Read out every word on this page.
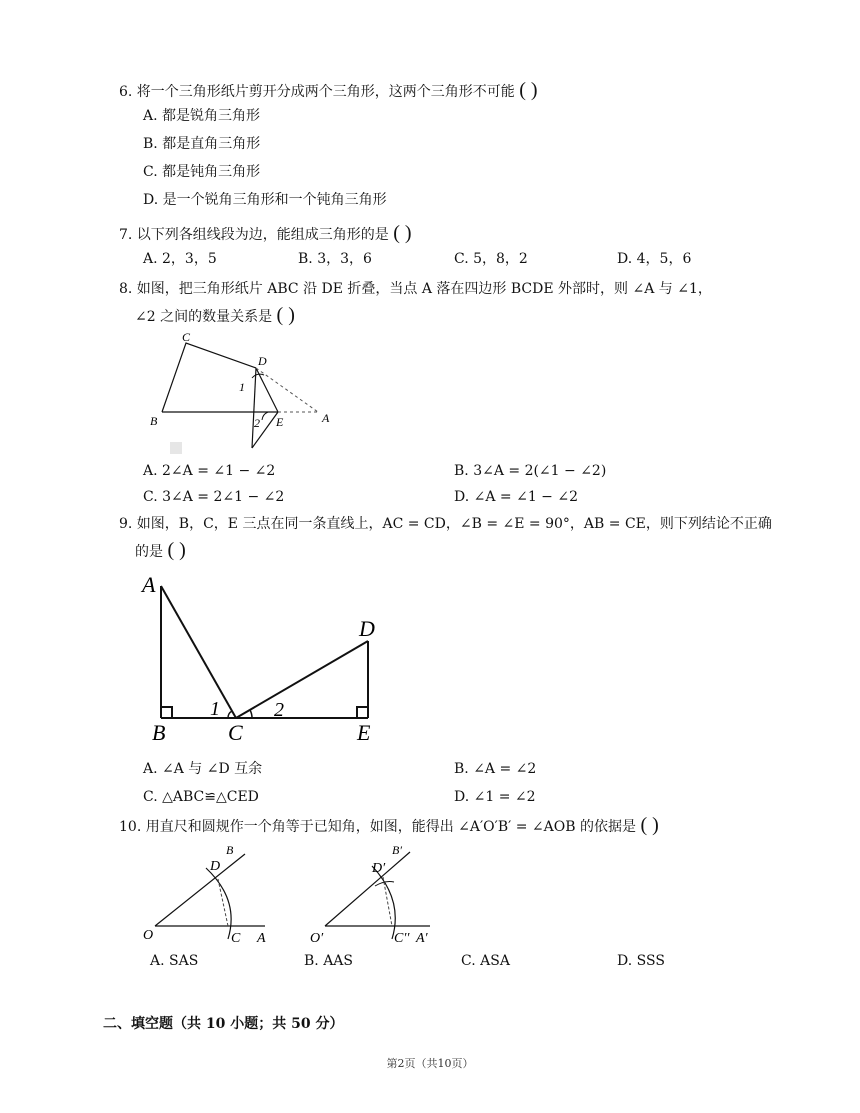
6. 将一个三角形纸片剪开分成两个三角形，这两个三角形不可能 ( )
A. 都是锐角三角形
B. 都是直角三角形
C. 都是钝角三角形
D. 是一个锐角三角形和一个钝角三角形
7. 以下列各组线段为边，能组成三角形的是 ( )
A. 2，3，5	B. 3，3，6	C. 5，8，2	D. 4，5，6
8. 如图，把三角形纸片 ABC 沿 DE 折叠，当点 A 落在四边形 BCDE 外部时，则 ∠A 与 ∠1，
∠2 之间的数量关系是 ( )
C
D
B	E	A
1
2
A. 2∠A = ∠1 − ∠2	B. 3∠A = 2(∠1 − ∠2)
C. 3∠A = 2∠1 − ∠2	D. ∠A = ∠1 − ∠2
9. 如图，B，C，E 三点在同一条直线上，AC = CD，∠B = ∠E = 90°，AB = CE，则下列结论不正确
的是 ( )
A
B	C
D
E
1	2
A. ∠A 与 ∠D 互余	B. ∠A = ∠2
C. △ABC≌△CED	D. ∠1 = ∠2
10. 用直尺和圆规作一个角等于已知角，如图，能得出 ∠A′O′B′ = ∠AOB 的依据是 ( )
B
D
O	C A
B′
D′
O′	C′′ A′
A. SAS	B. AAS	C. ASA	D. SSS
二、填空题（共 10 小题；共 50 分）
第2页（共10页）
